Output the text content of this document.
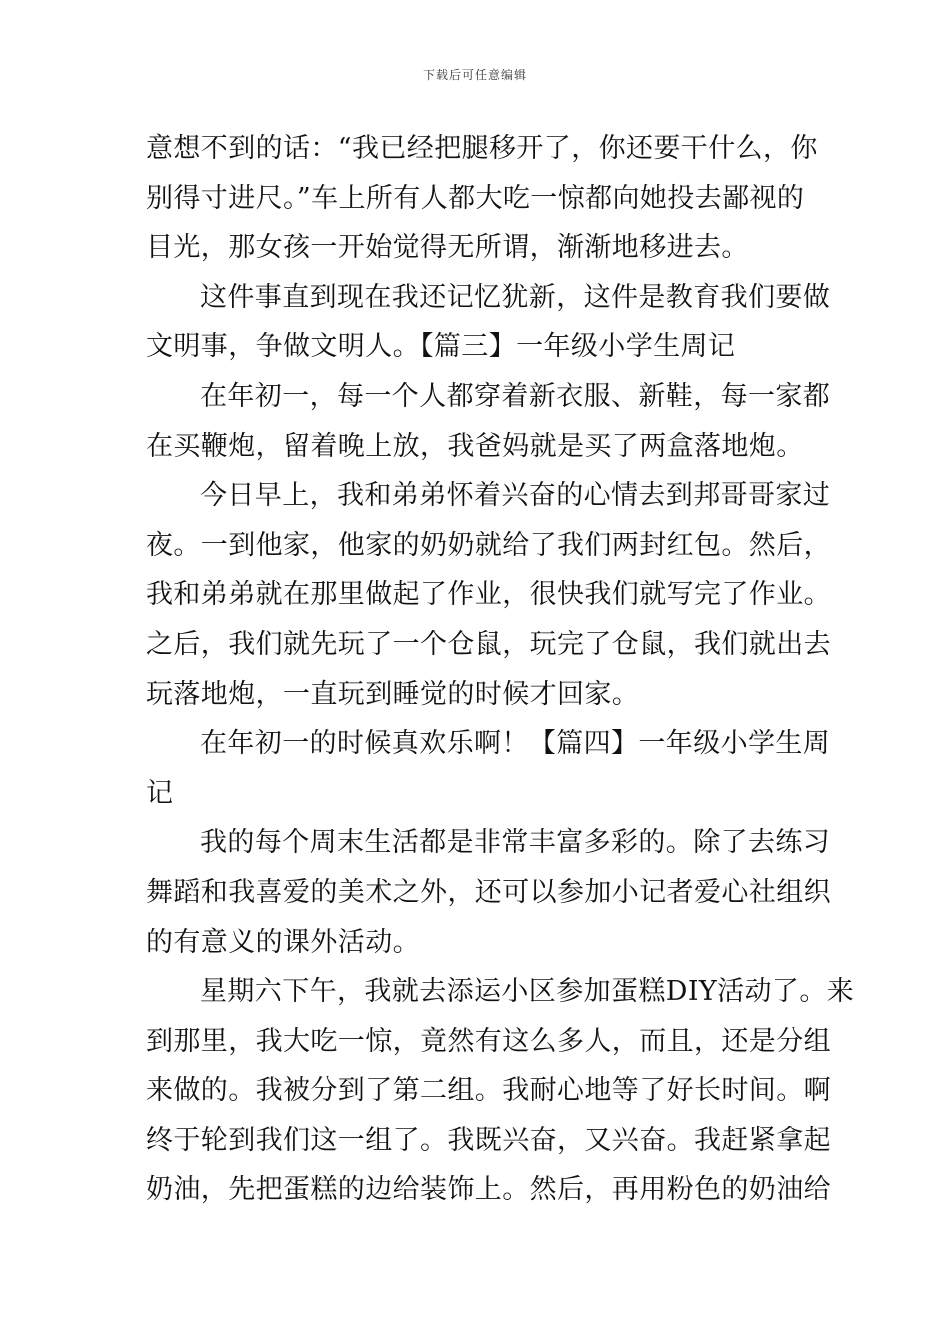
下载后可任意编辑
意想不到的话：“我已经把腿移开了，你还要干什么，你
别得寸进尺。”车上所有人都大吃一惊都向她投去鄙视的
目光，那女孩一开始觉得无所谓，渐渐地移进去。
这件事直到现在我还记忆犹新，这件是教育我们要做
文明事，争做文明人。【篇三】一年级小学生周记
在年初一，每一个人都穿着新衣服、新鞋，每一家都
在买鞭炮，留着晚上放，我爸妈就是买了两盒落地炮。
今日早上，我和弟弟怀着兴奋的心情去到邦哥哥家过
夜。一到他家，他家的奶奶就给了我们两封红包。然后，
我和弟弟就在那里做起了作业，很快我们就写完了作业。
之后，我们就先玩了一个仓鼠，玩完了仓鼠，我们就出去
玩落地炮，一直玩到睡觉的时候才回家。
在年初一的时候真欢乐啊！【篇四】一年级小学生周
记
我的每个周末生活都是非常丰富多彩的。除了去练习
舞蹈和我喜爱的美术之外，还可以参加小记者爱心社组织
的有意义的课外活动。
星期六下午，我就去添运小区参加蛋糕DIY活动了。来
到那里，我大吃一惊，竟然有这么多人，而且，还是分组
来做的。我被分到了第二组。我耐心地等了好长时间。啊
终于轮到我们这一组了。我既兴奋，又兴奋。我赶紧拿起
奶油，先把蛋糕的边给装饰上。然后，再用粉色的奶油给
